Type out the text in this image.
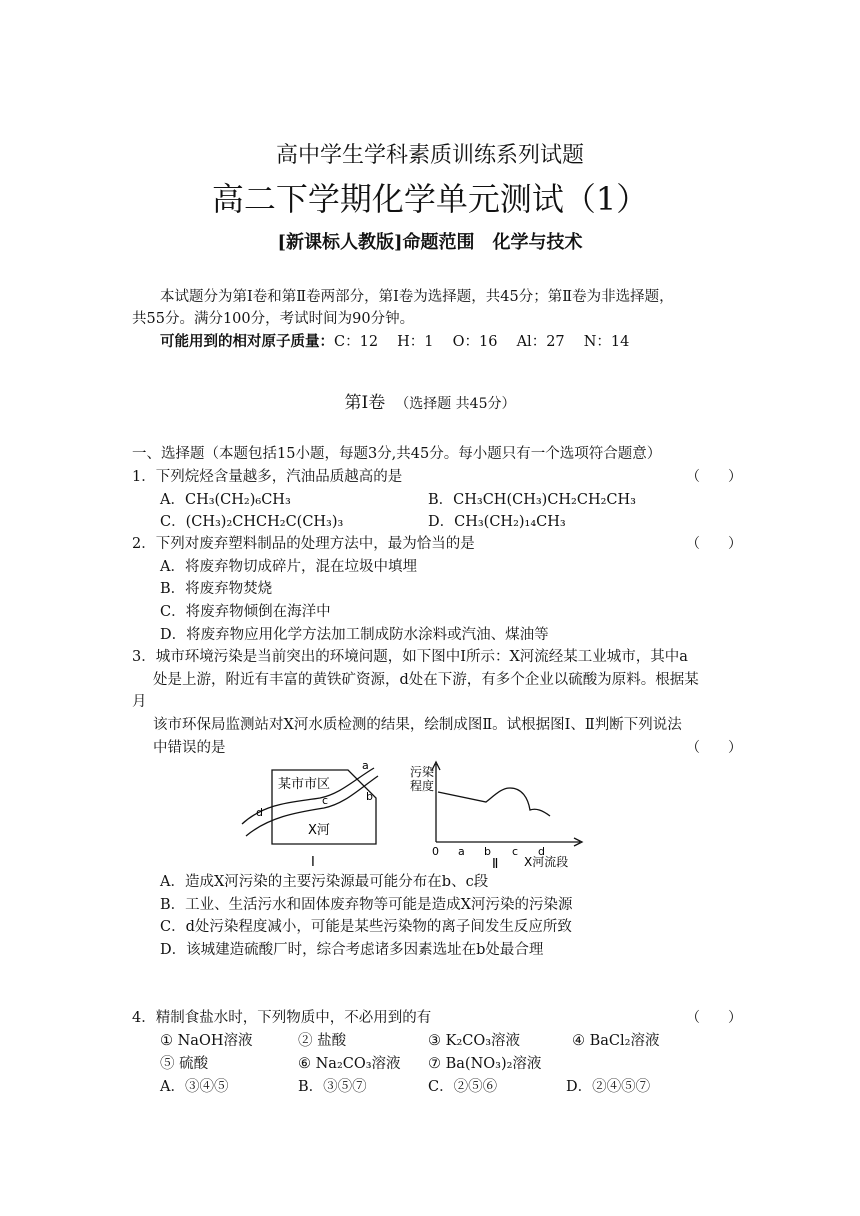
高中学生学科素质训练系列试题
高二下学期化学单元测试（1）
[新课标人教版]命题范围　化学与技术
本试题分为第Ⅰ卷和第Ⅱ卷两部分，第Ⅰ卷为选择题，共45分；第Ⅱ卷为非选择题，
共55分。满分100分，考试时间为90分钟。
可能用到的相对原子质量：C：12　 H：1　 O：16　 Al：27　 N：14
第Ⅰ卷 （选择题 共45分）
一、选择题（本题包括15小题，每题3分,共45分。每小题只有一个选项符合题意）
1．下列烷烃含量越多，汽油品质越高的是	（　　）
A．CH₃(CH₂)₆CH₃	B．CH₃CH(CH₃)CH₂CH₂CH₃
C．(CH₃)₂CHCH₂C(CH₃)₃	D．CH₃(CH₂)₁₄CH₃
2．下列对废弃塑料制品的处理方法中，最为恰当的是	（　　）
A．将废弃物切成碎片，混在垃圾中填埋
B．将废弃物焚烧
C．将废弃物倾倒在海洋中
D．将废弃物应用化学方法加工制成防水涂料或汽油、煤油等
3．城市环境污染是当前突出的环境问题，如下图中Ⅰ所示：X河流经某工业城市，其中a
处是上游，附近有丰富的黄铁矿资源，d处在下游，有多个企业以硫酸为原料。根据某
月
该市环保局监测站对X河水质检测的结果，绘制成图Ⅱ。试根据图Ⅰ、Ⅱ判断下列说法
中错误的是	（　　）
某市市区
X河
a
b
c
d
Ⅰ
污染
程度
0 a b c d
X河流段
Ⅱ
A．造成X河污染的主要污染源最可能分布在b、c段
B．工业、生活污水和固体废弃物等可能是造成X河污染的污染源
C．d处污染程度减小，可能是某些污染物的离子间发生反应所致
D．该城建造硫酸厂时，综合考虑诸多因素选址在b处最合理
4．精制食盐水时，下列物质中，不必用到的有	（　　）
① NaOH溶液	② 盐酸	③ K₂CO₃溶液	④ BaCl₂溶液
⑤ 硫酸	⑥ Na₂CO₃溶液 ⑦ Ba(NO₃)₂溶液
A．③④⑤	B．③⑤⑦	C．②⑤⑥	D．②④⑤⑦
